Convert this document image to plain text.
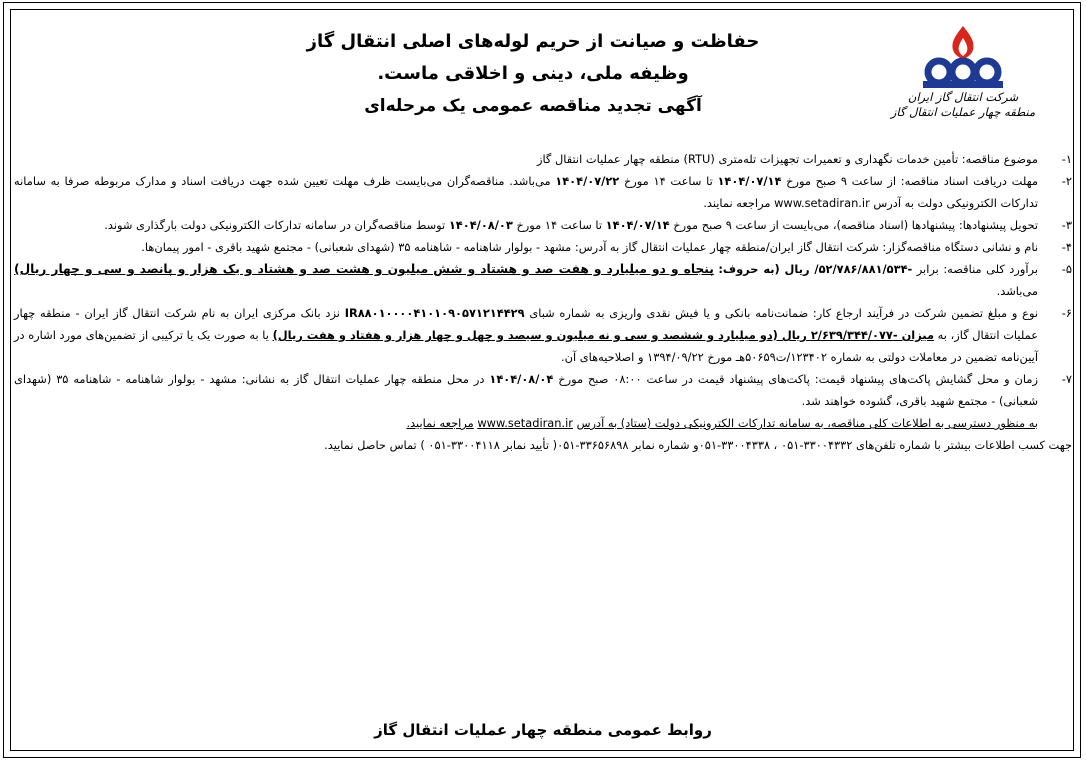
شرکت انتقال گاز ایران
منطقه چهار عملیات انتقال گاز
حفاظت و صیانت از حریم لوله‌های اصلی انتقال گاز
وظیفه ملی، دینی و اخلاقی ماست.
آگهی تجدید مناقصه عمومی یک مرحله‌ای
۱-
موضوع مناقصه: تأمین خدمات نگهداری و تعمیرات تجهیزات تله‌متری (RTU) منطقه چهار عملیات انتقال گاز
۲-
مهلت دریافت اسناد مناقصه: از ساعت ۹ صبح مورخ ۱۴۰۴/۰۷/۱۴ تا ساعت ۱۴ مورخ ۱۴۰۴/۰۷/۲۲ می‌باشد. مناقصه‌گران می‌بایست ظرف مهلت تعیین شده جهت دریافت اسناد و مدارک مربوطه صرفا به سامانه تدارکات الکترونیکی دولت به آدرس www.setadiran.ir مراجعه نمایند.
۳-
تحویل پیشنهادها: پیشنهادها (اسناد مناقصه)، می‌بایست از ساعت ۹ صبح مورخ ۱۴۰۴/۰۷/۱۴ تا ساعت ۱۴ مورخ ۱۴۰۴/۰۸/۰۳ توسط مناقصه‌گران در سامانه تدارکات الکترونیکی دولت بارگذاری شوند.
۴-
نام و نشانی دستگاه مناقصه‌گزار: شرکت انتقال گاز ایران/منطقه چهار عملیات انتقال گاز به آدرس: مشهد - بولوار شاهنامه - شاهنامه ۳۵ (شهدای شعبانی) - مجتمع شهید باقری - امور پیمان‌ها.
۵-
برآورد کلی مناقصه: برابر -۵۲/۷۸۶/۸۸۱/۵۳۴/ ریال (به حروف: پنجاه و دو میلیارد و هفت صد و هشتاد و شش میلیون و هشت صد و هشتاد و یک هزار و پانصد و سی و چهار ریال) می‌باشد.
۶-
نوع و مبلغ تضمین شرکت در فرآیند ارجاع کار: ضمانت‌نامه بانکی و یا فیش نقدی واریزی به شماره شبای IR۸۸۰۱۰۰۰۰۴۱۰۱۰۹۰۵۷۱۲۱۴۴۲۹ نزد بانک مرکزی ایران به نام شرکت انتقال گاز ایران - منطقه چهار عملیات انتقال گاز، به میزان -۲/۶۳۹/۳۴۴/۰۷۷ ریال (دو میلیارد و ششصد و سی و نه میلیون و سیصد و چهل و چهار هزار و هفتاد و هفت ریال) یا به صورت یک یا ترکیبی از تضمین‌های مورد اشاره در آیین‌نامه تضمین در معاملات دولتی به شماره ۱۲۳۴۰۲/ت۵۰۶۵۹هـ مورخ ۱۳۹۴/۰۹/۲۲ و اصلاحیه‌های آن.
۷-
زمان و محل گشایش پاکت‌های پیشنهاد قیمت: پاکت‌های پیشنهاد قیمت در ساعت ۰۸:۰۰ صبح مورخ ۱۴۰۴/۰۸/۰۴ در محل منطقه چهار عملیات انتقال گاز به نشانی: مشهد - بولوار شاهنامه - شاهنامه ۳۵ (شهدای شعبانی) - مجتمع شهید باقری، گشوده خواهند شد.
به منظور دسترسی به اطلاعات کلی مناقصه، به سامانه تدارکات الکترونیکی دولت (ستاد) به آدرس www.setadiran.ir مراجعه نمایید.
جهت کسب اطلاعات بیشتر با شماره تلفن‌های ۳۳۰۰۴۳۳۲-۰۵۱ ، ۳۳۰۰۴۳۳۸-۰۵۱و شماره نمابر ۳۳۶۵۶۸۹۸-۰۵۱( تأیید نمابر ۳۳۰۰۴۱۱۸-۰۵۱ ) تماس حاصل نمایید.
روابط عمومی منطقه چهار عملیات انتقال گاز
